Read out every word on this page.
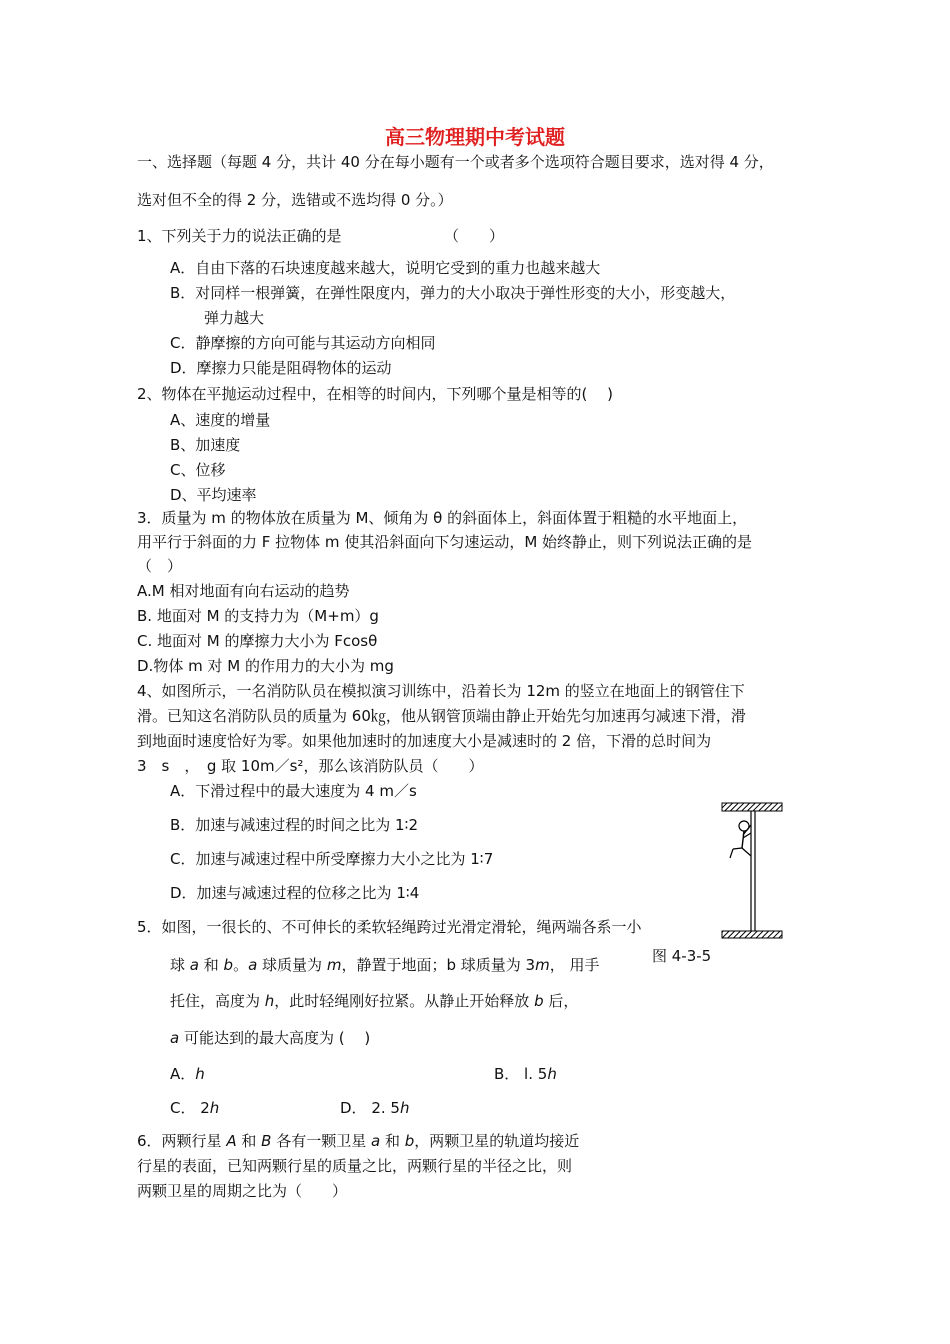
高三物理期中考试题
一、选择题（每题 4 分，共计 40 分在每小题有一个或者多个选项符合题目要求，选对得 4 分，
选对但不全的得 2 分，选错或不选均得 0 分。）
1、下列关于力的说法正确的是	（　　）
A．自由下落的石块速度越来越大，说明它受到的重力也越来越大
B．对同样一根弹簧，在弹性限度内，弹力的大小取决于弹性形变的大小，形变越大，
弹力越大
C．静摩擦的方向可能与其运动方向相同
D．摩擦力只能是阻碍物体的运动
2、物体在平抛运动过程中，在相等的时间内，下列哪个量是相等的(　 )
A、速度的增量
B、加速度
C、位移
D、平均速率
3．质量为 m 的物体放在质量为 M、倾角为 θ 的斜面体上，斜面体置于粗糙的水平地面上，
用平行于斜面的力 F 拉物体 m 使其沿斜面向下匀速运动，M 始终静止，则下列说法正确的是
（　）
A.M 相对地面有向右运动的趋势
B. 地面对 M 的支持力为（M+m）g
C. 地面对 M 的摩擦力大小为 Fcosθ
D.物体 m 对 M 的作用力的大小为 mg
4、如图所示，一名消防队员在模拟演习训练中，沿着长为 12m 的竖立在地面上的钢管住下
滑。已知这名消防队员的质量为 60㎏，他从钢管顶端由静止开始先匀加速再匀减速下滑，滑
到地面时速度恰好为零。如果他加速时的加速度大小是减速时的 2 倍，下滑的总时间为
3　s　，　g 取 10m／s²，那么该消防队员（　　）
A．下滑过程中的最大速度为 4 m／s
B．加速与减速过程的时间之比为 1∶2
C．加速与减速过程中所受摩擦力大小之比为 1∶7
D．加速与减速过程的位移之比为 1∶4
图 4-3-5
5．如图，一很长的、不可伸长的柔软轻绳跨过光滑定滑轮，绳两端各系一小
球 a 和 b。a 球质量为 m，静置于地面；b 球质量为 3m， 用手
托住，高度为 h，此时轻绳刚好拉紧。从静止开始释放 b 后，
a 可能达到的最大高度为 (　 )
A．h	B． l. 5h
C． 2h	D． 2. 5h
6．两颗行星 A 和 B 各有一颗卫星 a 和 b，两颗卫星的轨道均接近
行星的表面，已知两颗行星的质量之比，两颗行星的半径之比，则
两颗卫星的周期之比为（　　）
